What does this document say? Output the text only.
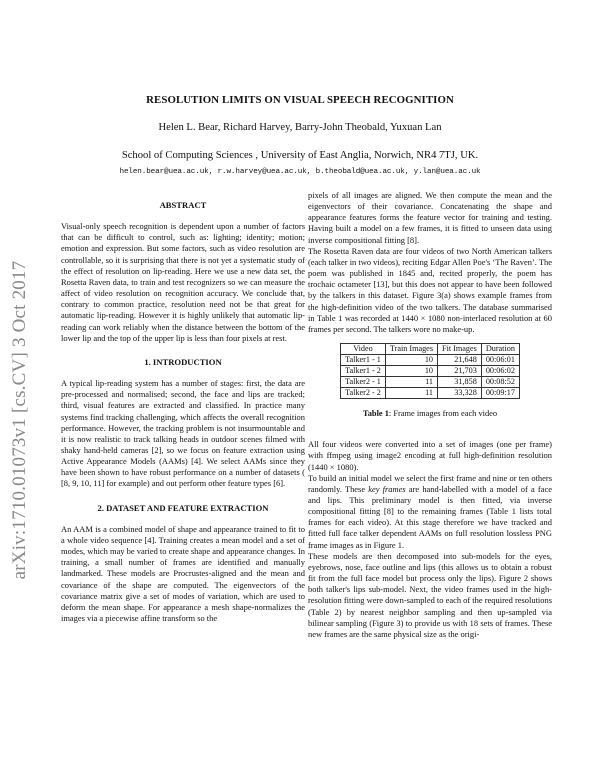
arXiv:1710.01073v1 [cs.CV] 3 Oct 2017
RESOLUTION LIMITS ON VISUAL SPEECH RECOGNITION
Helen L. Bear, Richard Harvey, Barry-John Theobald, Yuxuan Lan
School of Computing Sciences , University of East Anglia, Norwich, NR4 7TJ, UK.
helen.bear@uea.ac.uk, r.w.harvey@uea.ac.uk, b.theobald@uea.ac.uk, y.lan@uea.ac.uk
ABSTRACT

Visual-only speech recognition is dependent upon a number of factors that can be difficult to control, such as: lighting; identity; motion; emotion and expression. But some factors, such as video resolution are controllable, so it is surprising that there is not yet a systematic study of the effect of resolution on lip-reading. Here we use a new data set, the Rosetta Raven data, to train and test recognizers so we can measure the affect of video resolution on recognition accuracy. We conclude that, contrary to common practice, resolution need not be that great for automatic lip-reading. However it is highly unlikely that automatic lip-reading can work reliably when the distance between the bottom of the lower lip and the top of the upper lip is less than four pixels at rest.

1. INTRODUCTION

A typical lip-reading system has a number of stages: first, the data are pre-processed and normalised; second, the face and lips are tracked; third, visual features are extracted and classified. In practice many systems find tracking challenging, which affects the overall recognition performance. However, the tracking problem is not insurmountable and it is now realistic to track talking heads in outdoor scenes filmed with shaky hand-held cameras [2], so we focus on feature extraction using Active Appearance Models (AAMs) [4]. We select AAMs since they have been shown to have robust performance on a number of datasets ( [8, 9, 10, 11] for example) and out perform other feature types [6].

2. DATASET AND FEATURE EXTRACTION

An AAM is a combined model of shape and appearance trained to fit to a whole video sequence [4]. Training creates a mean model and a set of modes, which may be varied to create shape and appearance changes. In training, a small number of frames are identified and manually landmarked. These models are Procrustes-aligned and the mean and covariance of the shape are computed. The eigenvectors of the covariance matrix give a set of modes of variation, which are used to deform the mean shape. For appearance a mesh shape-normalizes the images via a piecewise affine transform so the

pixels of all images are aligned. We then compute the mean and the eigenvectors of their covariance. Concatenating the shape and appearance features forms the feature vector for training and testing. Having built a model on a few frames, it is fitted to unseen data using inverse compositional fitting [8].

The Rosetta Raven data are four videos of two North American talkers (each talker in two videos), reciting Edgar Allen Poe's ‘The Raven’. The poem was published in 1845 and, recited properly, the poem has trochaic octameter [13], but this does not appear to have been followed by the talkers in this dataset. Figure 3(a) shows example frames from the high-definition video of the two talkers. The database summarised in Table 1 was recorded at 1440 × 1080 non-interlaced resolution at 60 frames per second. The talkers wore no make-up.

Video	Train Images	Fit Images	Duration
Talker1 - 1	10	21,648	00:06:01
Talker1 - 2	10	21,703	00:06:02
Talker2 - 1	11	31,858	00:08:52
Talker2 - 2	11	33,328	00:09:17
Table 1: Frame images from each video

All four videos were converted into a set of images (one per frame) with ffmpeg using image2 encoding at full high-definition resolution (1440 × 1080).

To build an initial model we select the first frame and nine or ten others randomly. These key frames are hand-labelled with a model of a face and lips. This preliminary model is then fitted, via inverse compositional fitting [8] to the remaining frames (Table 1 lists total frames for each video). At this stage therefore we have tracked and fitted full face talker dependent AAMs on full resolution lossless PNG frame images as in Figure 1.

These models are then decomposed into sub-models for the eyes, eyebrows, nose, face outline and lips (this allows us to obtain a robust fit from the full face model but process only the lips). Figure 2 shows both talker's lips sub-model. Next, the video frames used in the high-resolution fitting were down-sampled to each of the required resolutions (Table 2) by nearest neighbor sampling and then up-sampled via bilinear sampling (Figure 3) to provide us with 18 sets of frames. These new frames are the same physical size as the origi-
